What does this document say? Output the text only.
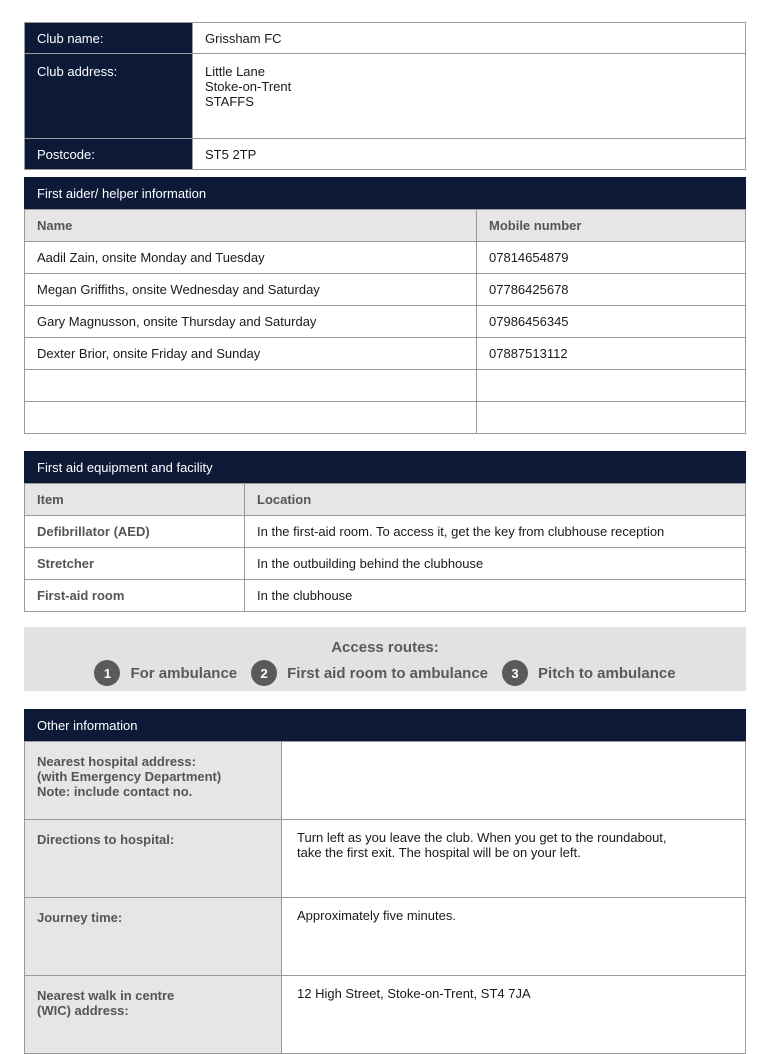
Club name:	Grissham FC
Club address:	Little Lane
Stoke-on-Trent
STAFFS

Postcode:	ST5 2TP
First aider/ helper information
Name	Mobile number
Aadil Zain, onsite Monday and Tuesday	07814654879
Megan Griffiths, onsite Wednesday and Saturday	07786425678
Gary Magnusson, onsite Thursday and Saturday	07986456345
Dexter Brior, onsite Friday and Sunday	07887513112

First aid equipment and facility
Item	Location
Defibrillator (AED)	In the first-aid room. To access it, get the key from clubhouse reception
Stretcher	In the outbuilding behind the clubhouse
First-aid room	In the clubhouse
Access routes:
1	For ambulance	2	First aid room to ambulance	3	Pitch to ambulance
Other information
Nearest hospital address:
(with Emergency Department)
Note: include contact no.	

Directions to hospital:	Turn left as you leave the club. When you get to the roundabout,
take the first exit. The hospital will be on your left.

Journey time:	Approximately five minutes.

Nearest walk in centre
(WIC) address:	12 High Street, Stoke-on-Trent, ST4 7JA
